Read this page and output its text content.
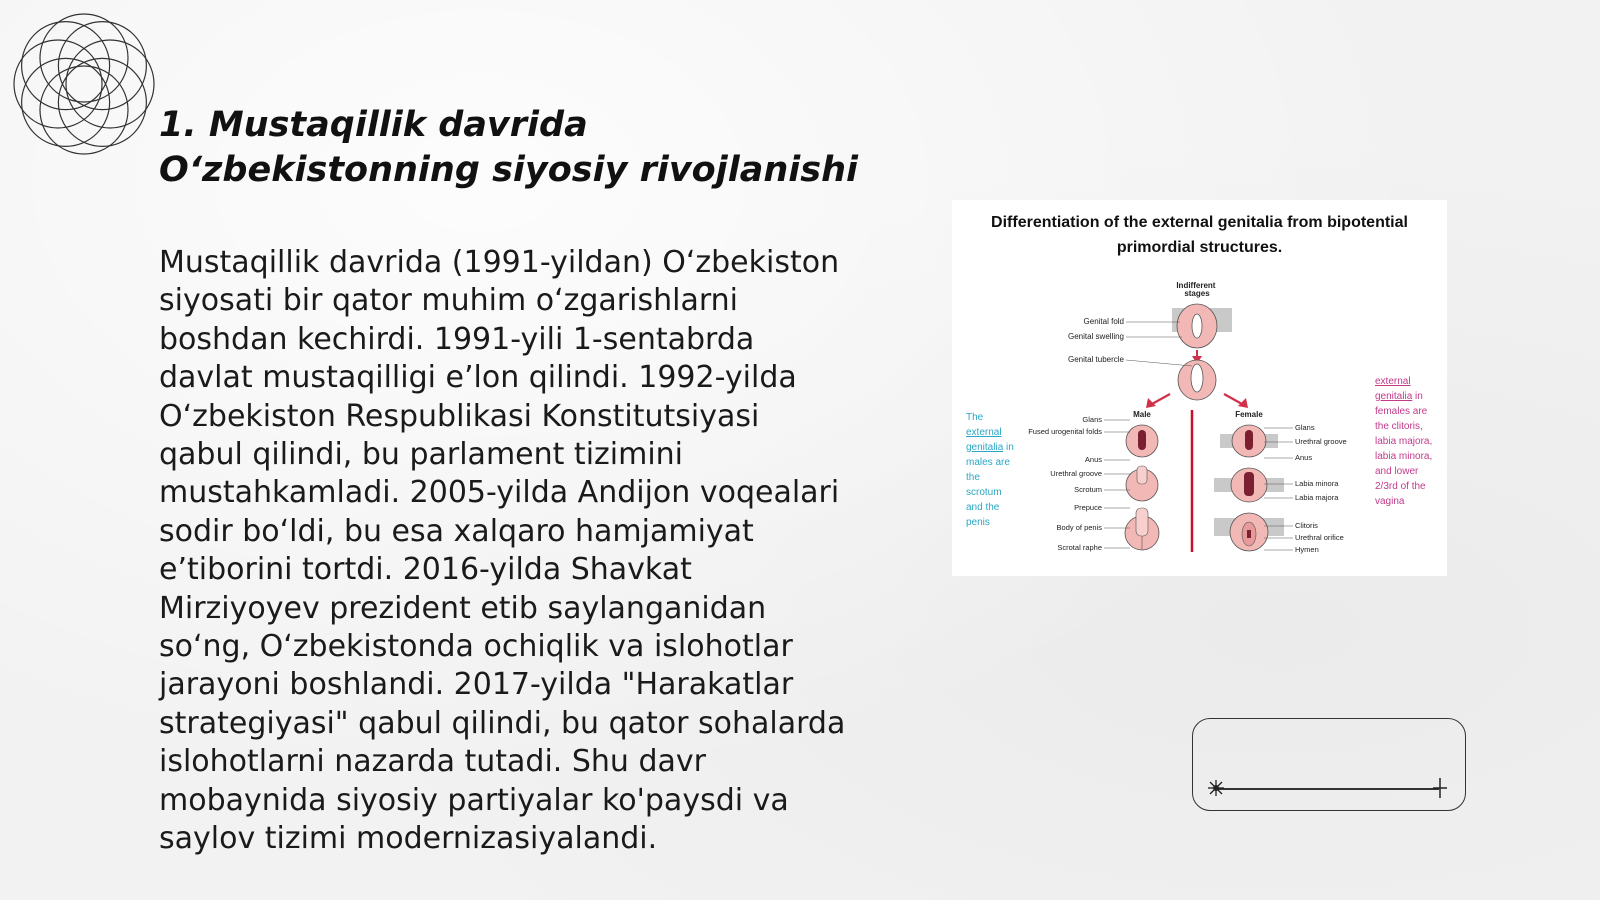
1. Mustaqillik davrida O‘zbekistonning siyosiy rivojlanishi

Mustaqillik davrida (1991-yildan) O‘zbekiston siyosati bir qator muhim o‘zgarishlarni boshdan kechirdi. 1991-yili 1-sentabrda davlat mustaqilligi e’lon qilindi. 1992-yilda O‘zbekiston Respublikasi Konstitutsiyasi qabul qilindi, bu parlament tizimini mustahkamladi. 2005-yilda Andijon voqealari sodir bo‘ldi, bu esa xalqaro hamjamiyat e’tiborini tortdi. 2016-yilda Shavkat Mirziyoyev prezident etib saylanganidan so‘ng, O‘zbekistonda ochiqlik va islohotlar jarayoni boshlandi. 2017-yilda "Harakatlar strategiyasi" qabul qilindi, bu qator sohalarda islohotlarni nazarda tutadi. Shu davr mobaynida siyosiy partiyalar ko'paysdi va saylov tizimi modernizasiyalandi.

Differentiation of the external genitalia from bipotential primordial structures.
Indifferent stages
Genital fold
Genital swelling
Genital tubercle
Male	Female
Glans
Fused urogenital folds
Anus
Urethral groove
Scrotum
Prepuce
Body of penis
Scrotal raphe
Glans
Urethral groove
Anus
Labia minora
Labia majora
Clitoris
Urethral orifice
Hymen
The external genitalia in males are the scrotum and the penis
external genitalia in females are the clitoris, labia majora, labia minora, and lower 2/3rd of the vagina
